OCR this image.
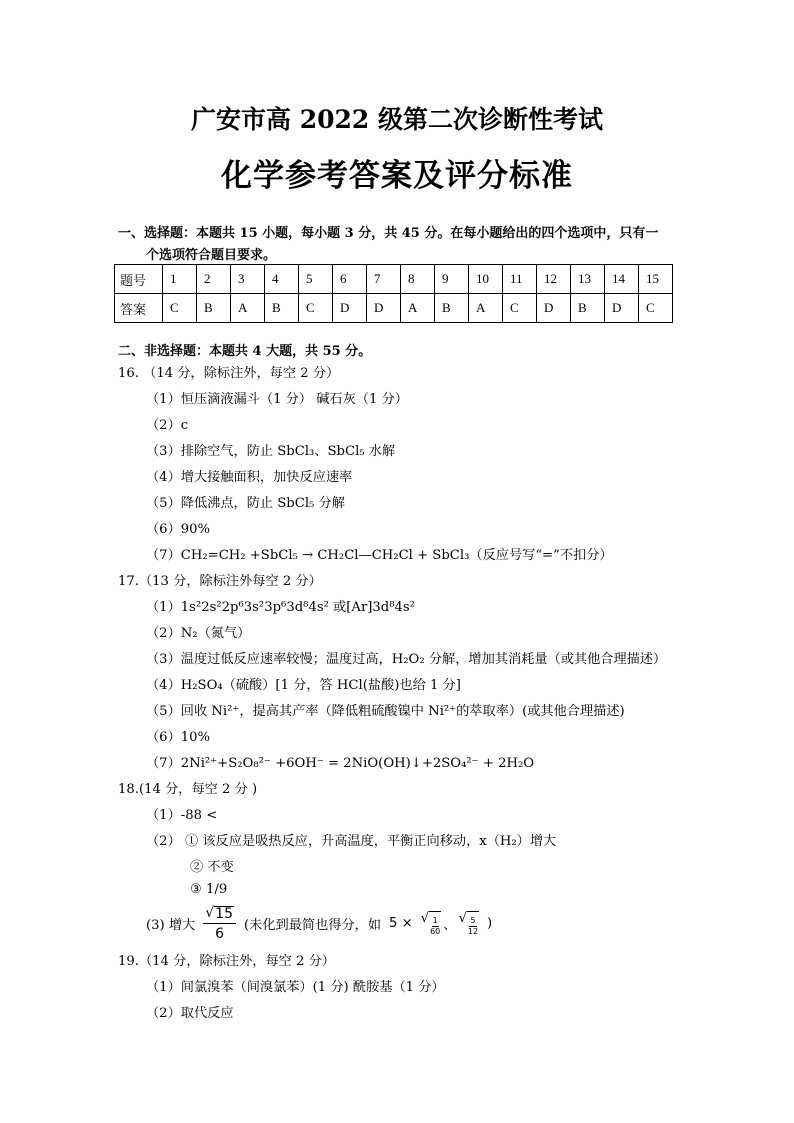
广安市高 2022 级第二次诊断性考试
化学参考答案及评分标准
一、选择题：本题共 15 小题，每小题 3 分，共 45 分。在每小题给出的四个选项中，只有一
个选项符合题目要求。
题号	1	2	3	4	5	6	7	8	9	10	11	12	13	14	15
答案	C	B	A	B	C	D	D	A	B	A	C	D	B	D	C
二、非选择题：本题共 4 大题，共 55 分。
16. （14 分，除标注外，每空 2 分）
（1）恒压滴液漏斗（1 分） 碱石灰（1 分）
（2）c
（3）排除空气，防止 SbCl₃、SbCl₅ 水解
（4）增大接触面积，加快反应速率
（5）降低沸点，防止 SbCl₅ 分解
（6）90%
（7）CH₂=CH₂ +SbCl₅ → CH₂Cl—CH₂Cl + SbCl₃（反应号写“=”不扣分）
17.（13 分，除标注外每空 2 分）
（1）1s²2s²2p⁶3s²3p⁶3d⁸4s² 或[Ar]3d⁸4s²
（2）N₂（氮气）
（3）温度过低反应速率较慢；温度过高，H₂O₂ 分解，增加其消耗量（或其他合理描述）
（4）H₂SO₄（硫酸）[1 分，答 HCl(盐酸)也给 1 分]
（5）回收 Ni²⁺，提高其产率（降低粗硫酸镍中 Ni²⁺的萃取率）(或其他合理描述)
（6）10%
（7）2Ni²⁺+S₂O₈²⁻ +6OH⁻ = 2NiO(OH)↓+2SO₄²⁻ + 2H₂O
18.(14 分，每空 2 分 )
（1）-88 <
（2） ① 该反应是吸热反应，升高温度，平衡正向移动，x（H₂）增大
② 不变
③ 1/9
(3) 增大 $\frac{√ 15}{6}$ (未化到最简也得分，如 5 × √ $\frac{1}{60}$ 、 √ $\frac{5}{12}$ )
19.（14 分，除标注外，每空 2 分）
（1）间氯溴苯（间溴氯苯）(1 分) 酰胺基（1 分）
（2）取代反应
